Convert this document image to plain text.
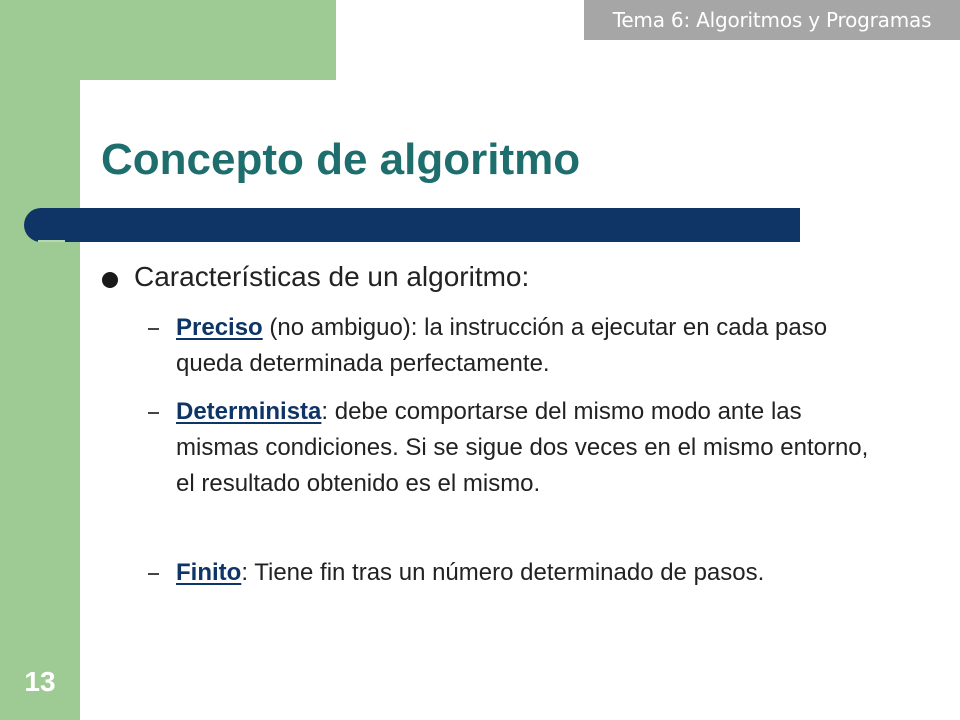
Tema 6: Algoritmos y Programas
Concepto de algoritmo
Características de un algoritmo:
Preciso (no ambiguo): la instrucción a ejecutar en cada paso queda determinada perfectamente.
Determinista: debe comportarse del mismo modo ante las mismas condiciones. Si se sigue dos veces en el mismo entorno, el resultado obtenido es el mismo.
Finito: Tiene fin tras un número determinado de pasos.
13
